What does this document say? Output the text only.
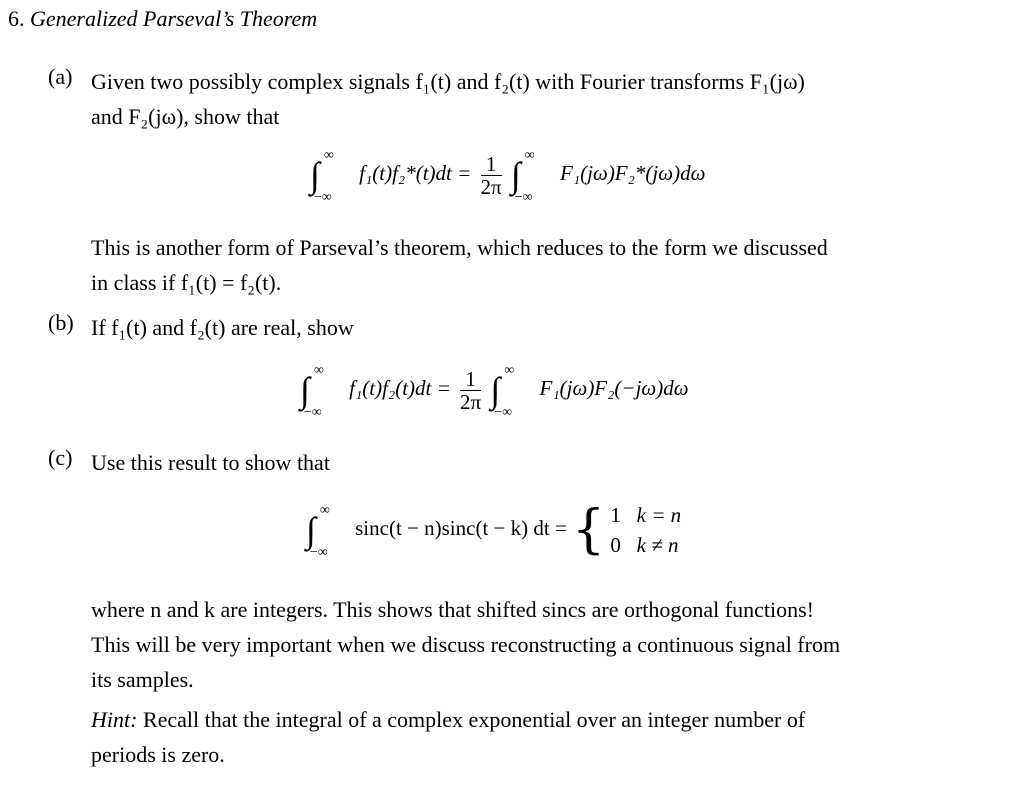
6. Generalized Parseval’s Theorem
(a) Given two possibly complex signals f₁(t) and f₂(t) with Fourier transforms F₁(jω)
and F₂(jω), show that
∫ ∞
−∞
$f_1(t)f_2*(t)dt = \frac{1}{2\pi}$ ∫ ∞
−∞
F₁(jω)F₂*(jω)dω
This is another form of Parseval’s theorem, which reduces to the form we discussed
in class if f₁(t) = f₂(t).
(b) If f₁(t) and f₂(t) are real, show
∫ ∞
−∞
$f_1(t)f_2(t)dt = \frac{1}{2\pi}$ ∫ ∞
−∞
F₁(jω)F₂(−jω)dω
(c) Use this result to show that
∫ ∞
−∞
sinc(t − n)sinc(t − k) dt = { 1 k = n
0 k ≠ n
where n and k are integers. This shows that shifted sincs are orthogonal functions!
This will be very important when we discuss reconstructing a continuous signal from
its samples.
Hint: Recall that the integral of a complex exponential over an integer number of
periods is zero.
